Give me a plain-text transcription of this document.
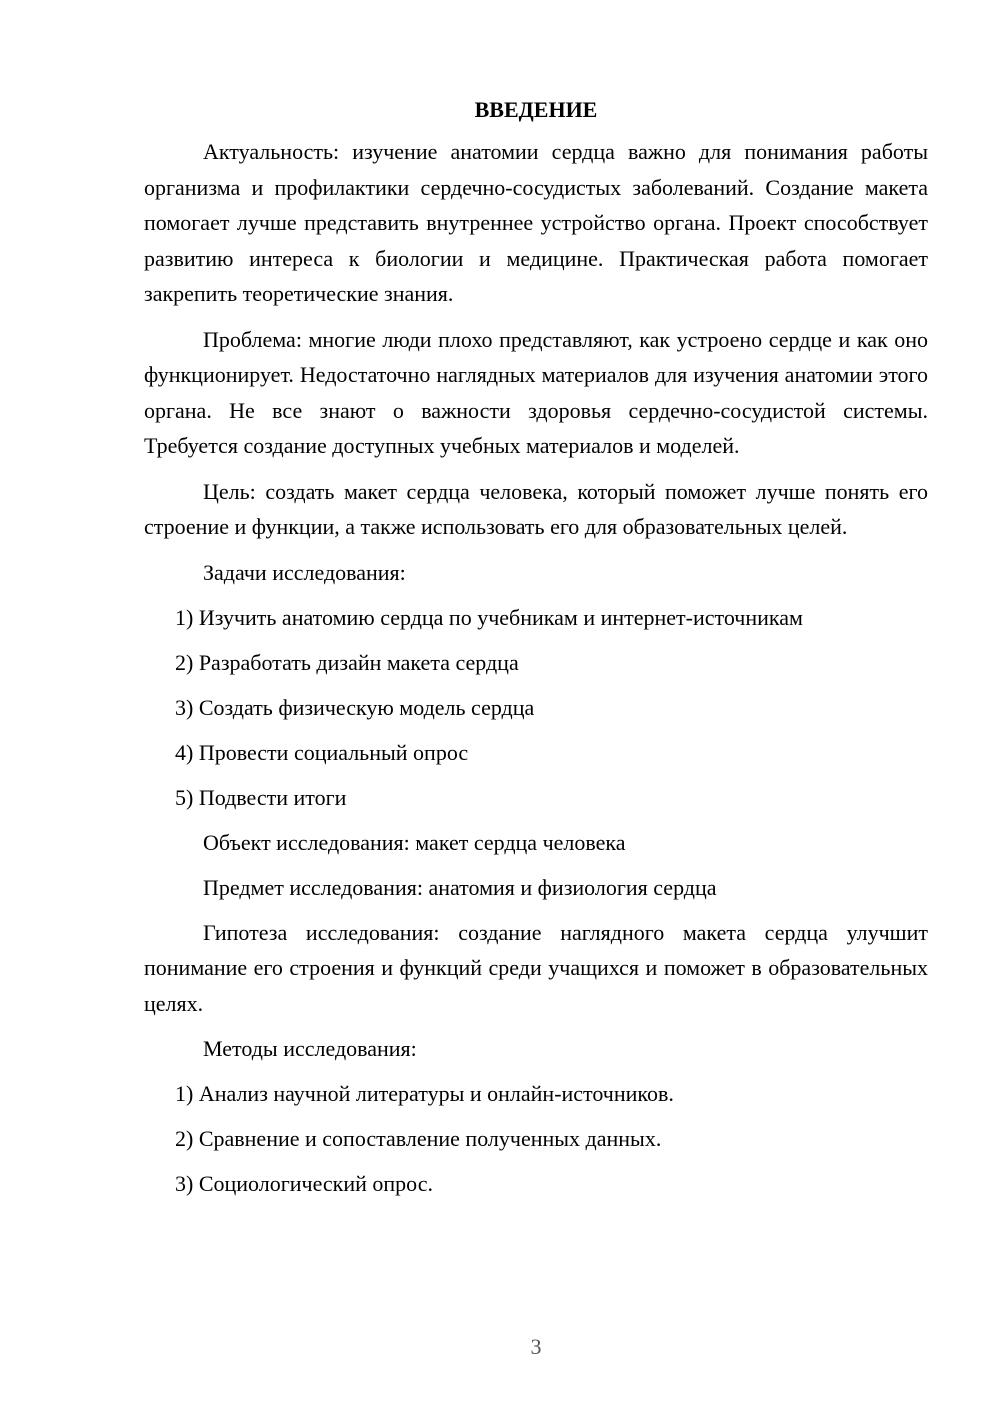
ВВЕДЕНИЕ

Актуальность: изучение анатомии сердца важно для понимания работы организма и профилактики сердечно-сосудистых заболеваний. Создание макета помогает лучше представить внутреннее устройство органа. Проект способствует развитию интереса к биологии и медицине. Практическая работа помогает закрепить теоретические знания.

Проблема: многие люди плохо представляют, как устроено сердце и как оно функционирует. Недостаточно наглядных материалов для изучения анатомии этого органа. Не все знают о важности здоровья сердечно-сосудистой системы. Требуется создание доступных учебных материалов и моделей.

Цель: создать макет сердца человека, который поможет лучше понять его строение и функции, а также использовать его для образовательных целей.

Задачи исследования:
1) Изучить анатомию сердца по учебникам и интернет-источникам
2) Разработать дизайн макета сердца
3) Создать физическую модель сердца
4) Провести социальный опрос
5) Подвести итоги
Объект исследования: макет сердца человека
Предмет исследования: анатомия и физиология сердца

Гипотеза исследования: создание наглядного макета сердца улучшит понимание его строения и функций среди учащихся и поможет в образовательных целях.

Методы исследования:
1) Анализ научной литературы и онлайн-источников.
2) Сравнение и сопоставление полученных данных.
3) Социологический опрос.
3
